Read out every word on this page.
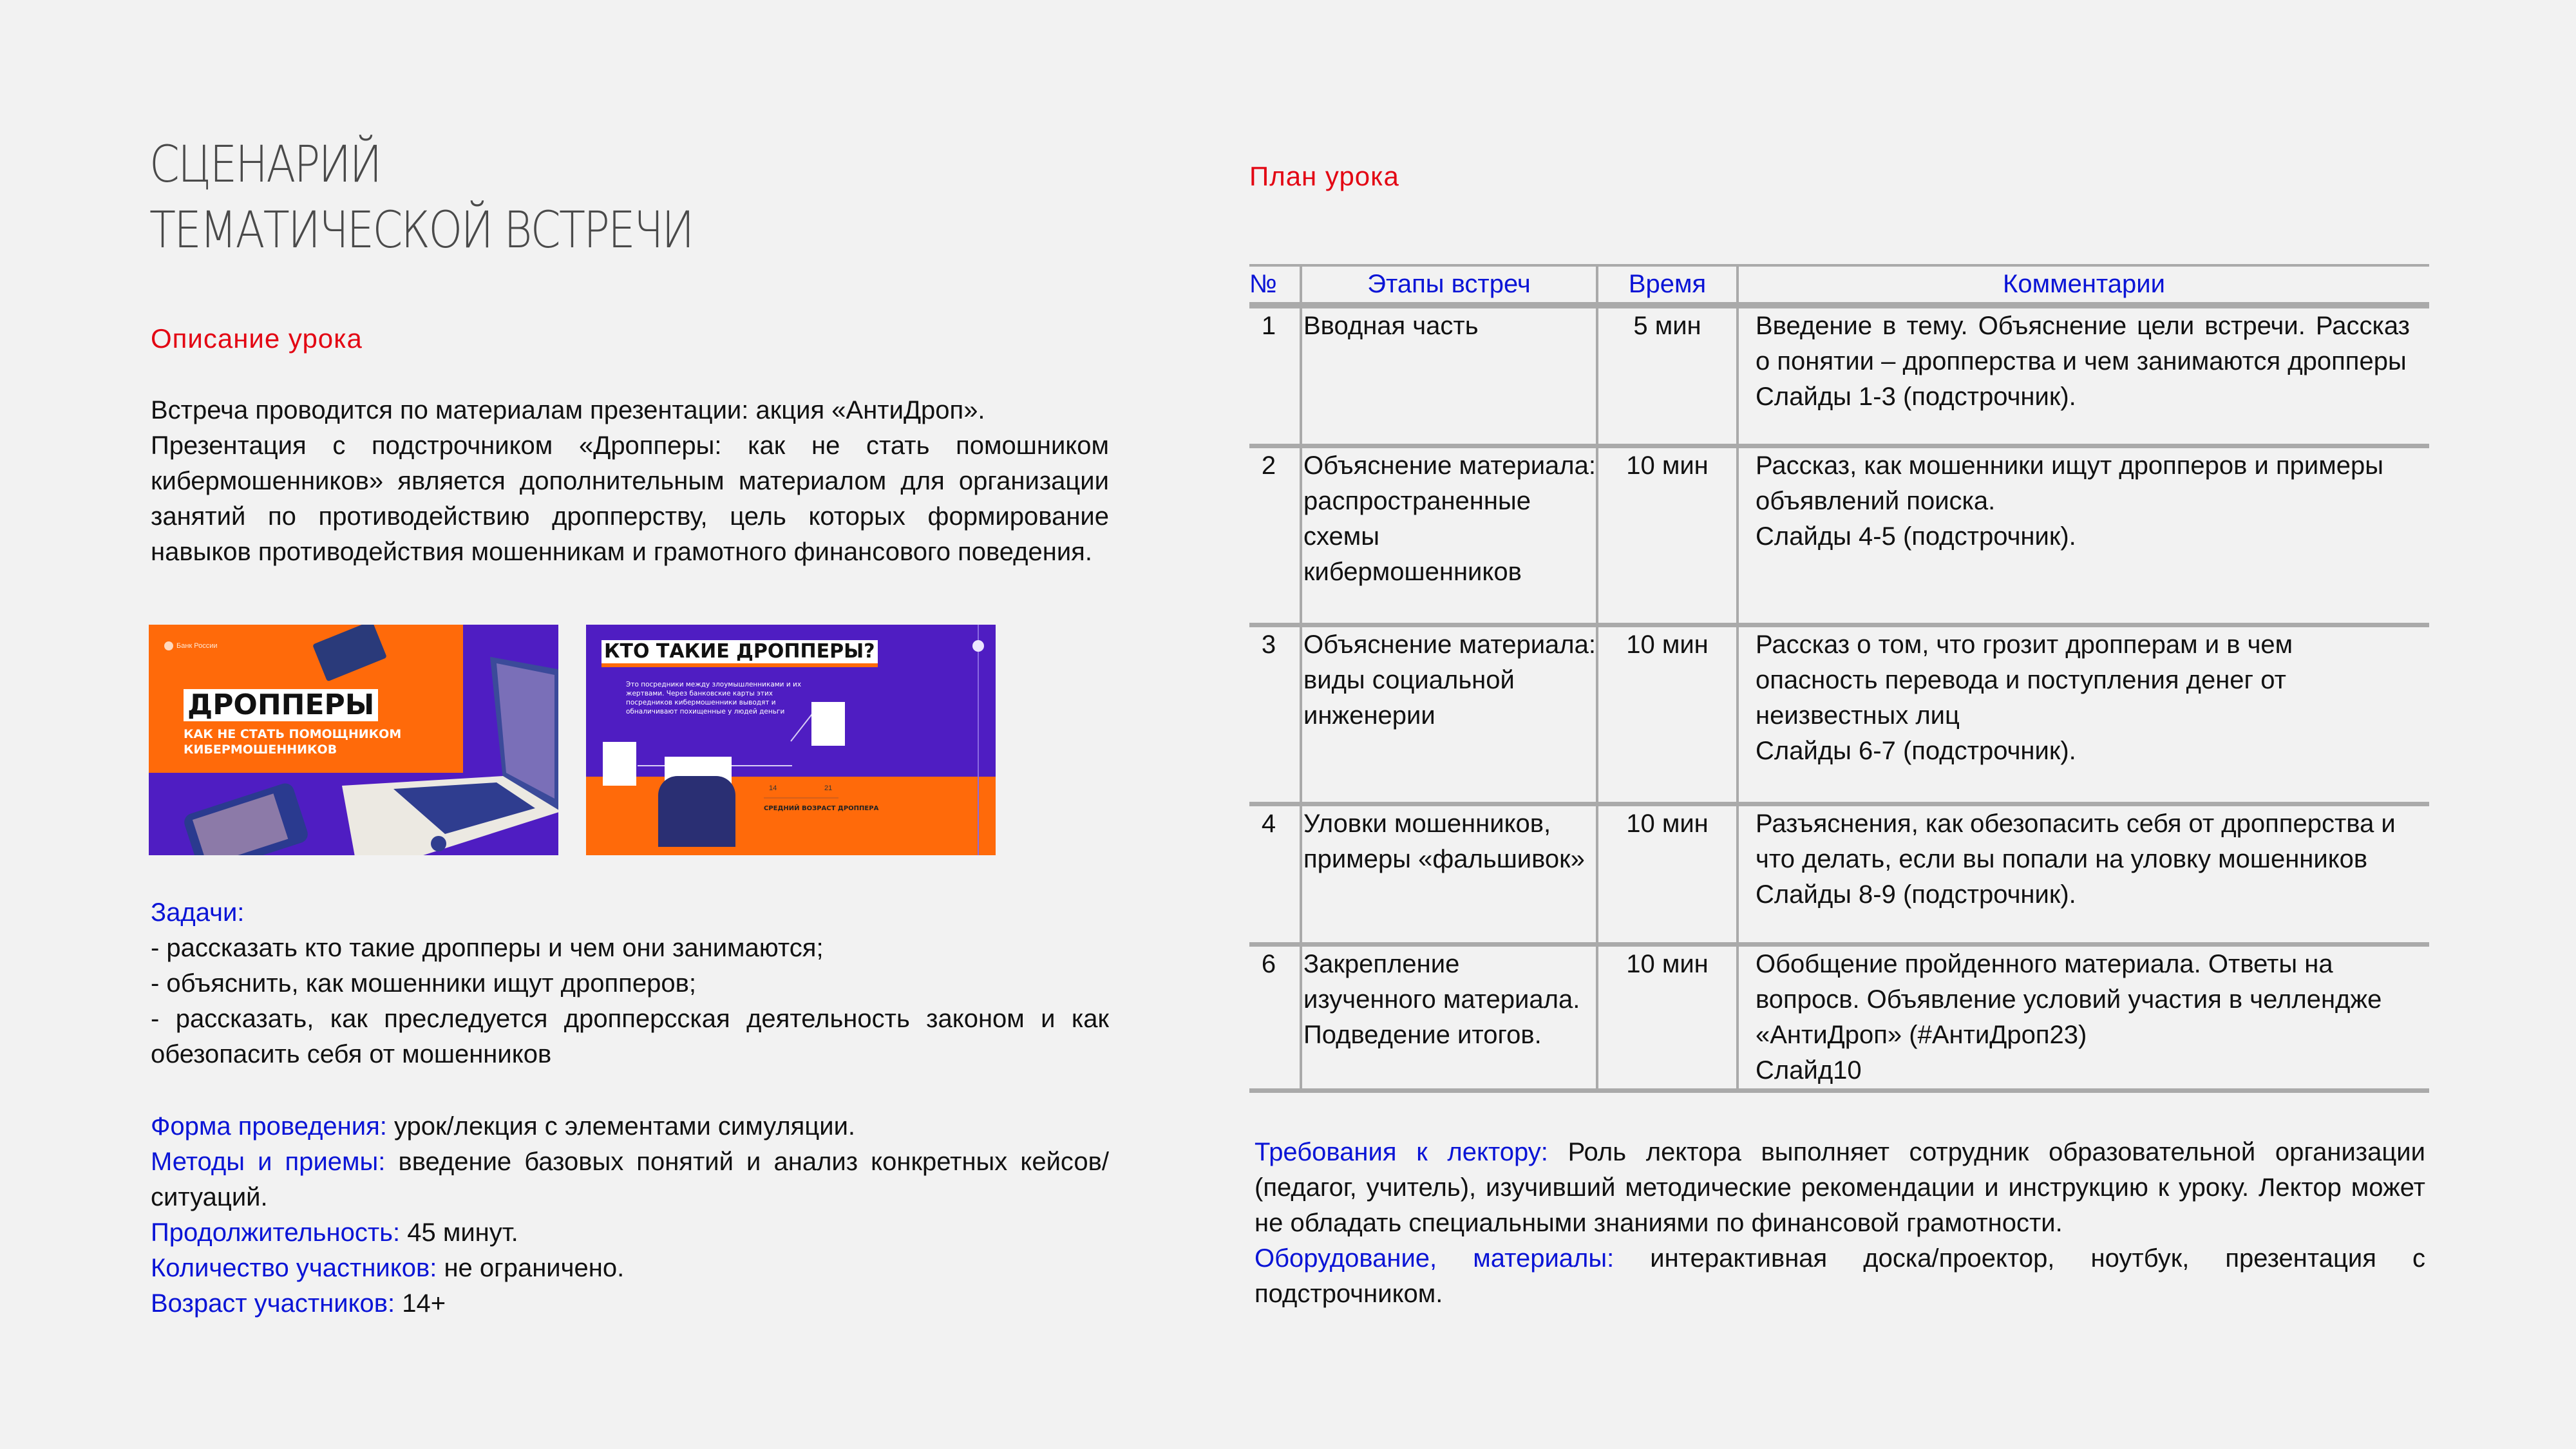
СЦЕНАРИЙ
ТЕМАТИЧЕСКОЙ ВСТРЕЧИ
Описание урока

Встреча проводится по материалам презентации: акция «АнтиДроп».

Презентация с подстрочником «Дропперы: как не стать помошником кибермошенников» является дополнительным материалом для организации занятий по противодействию дропперству, цель которых формирование навыков противодействия мошенникам и грамотного финансового поведения.

Банк России
ДРОППЕРЫ
КАК НЕ СТАТЬ ПОМОЩНИКОМ
КИБЕРМОШЕННИКОВ
КТО ТАКИЕ ДРОППЕРЫ?
Это посредники между злоумышленниками и их жертвами. Через банковские карты этих посредников кибермошенники выводят и обналичивают похищенные у людей деньги
14	21
СРЕДНИЙ ВОЗРАСТ ДРОППЕРА

Задачи:

- рассказать кто такие дропперы и чем они занимаются;

- объяснить, как мошенники ищут дропперов;

- рассказать, как преследуется дропперсская деятельность законом и как обезопасить себя от мошенников

Форма проведения: урок/лекция с элементами симуляции.

Методы и приемы: введение базовых понятий и анализ конкретных кейсов/ситуаций.

Продолжительность: 45 минут.

Количество участников: не ограничено.

Возраст участников: 14+

План урока
№	Этапы встреч	Время	Комментарии
1	Вводная часть	5 мин	Введение в тему. Объяснение цели встречи. Рассказ о понятии – дропперства и чем занимаются дропперы
Слайды 1-3 (подстрочник).

2	Объяснение материала: распространенные схемы кибермошенников	10 мин	Рассказ, как мошенники ищут дропперов и примеры объявлений поиска.
Слайды 4-5 (подстрочник).

3	Объяснение материала: виды социальной инженерии	10 мин	Рассказ о том, что грозит дропперам и в чем опасность перевода и поступления денег от неизвестных лиц
Слайды 6-7 (подстрочник).

4	Уловки мошенников, примеры «фальшивок»	10 мин	Разъяснения, как обезопасить себя от дропперства и что делать, если вы попали на уловку мошенников
Слайды 8-9 (подстрочник).

6	Закрепление изученного материала. Подведение итогов.	10 мин	Обобщение пройденного материала. Ответы на вопросв. Объявление условий участия в челлендже «АнтиДроп» (#АнтиДроп23)
Слайд10

Требования к лектору: Роль лектора выполняет сотрудник образовательной организации (педагог, учитель), изучивший методические рекомендации и инструкцию к уроку. Лектор может не обладать специальными знаниями по финансовой грамотности.

Оборудование, материалы: интерактивная доска/проектор, ноутбук, презентация с подстрочником.
